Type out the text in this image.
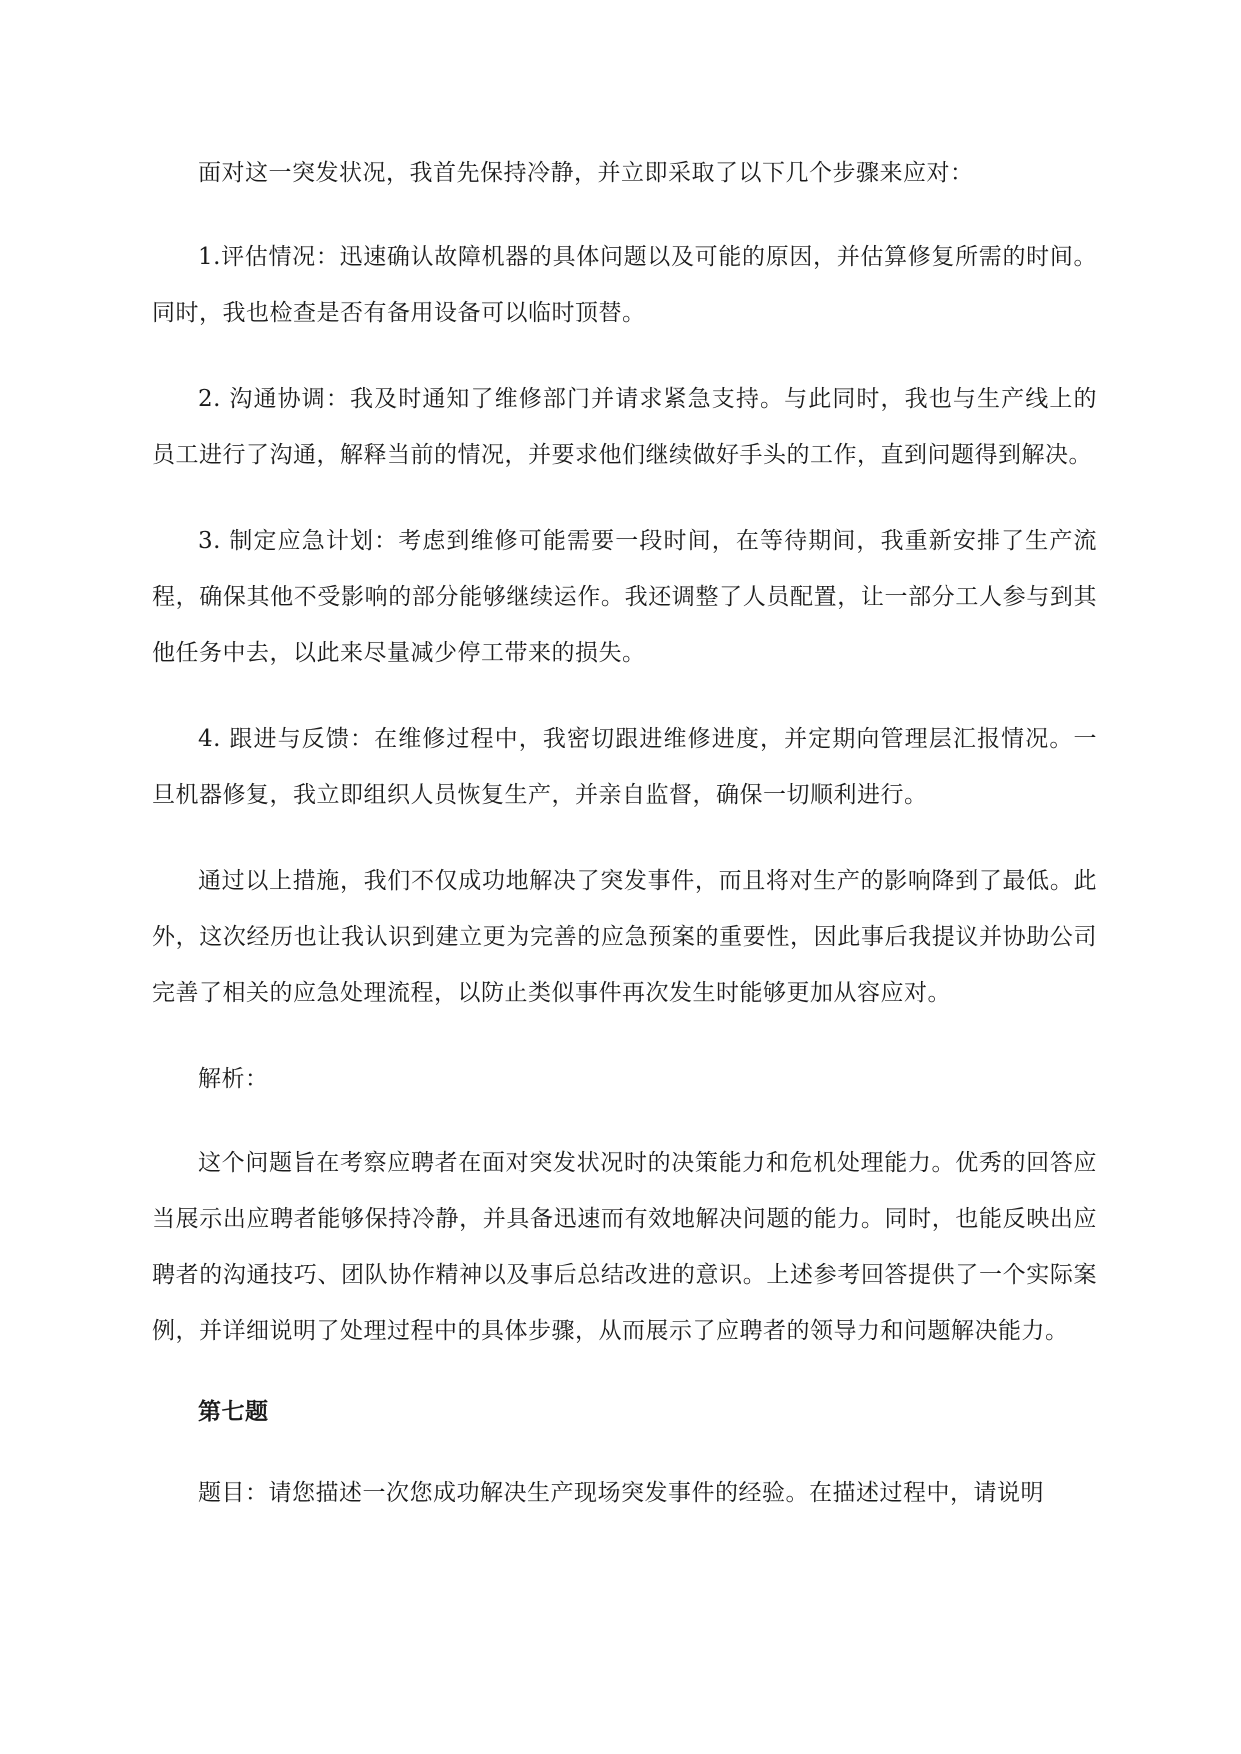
面对这一突发状况，我首先保持冷静，并立即采取了以下几个步骤来应对：

1.评估情况：迅速确认故障机器的具体问题以及可能的原因，并估算修复所需的时间。同时，我也检查是否有备用设备可以临时顶替。

2. 沟通协调：我及时通知了维修部门并请求紧急支持。与此同时，我也与生产线上的员工进行了沟通，解释当前的情况，并要求他们继续做好手头的工作，直到问题得到解决。

3. 制定应急计划：考虑到维修可能需要一段时间，在等待期间，我重新安排了生产流程，确保其他不受影响的部分能够继续运作。我还调整了人员配置，让一部分工人参与到其他任务中去，以此来尽量减少停工带来的损失。

4. 跟进与反馈：在维修过程中，我密切跟进维修进度，并定期向管理层汇报情况。一旦机器修复，我立即组织人员恢复生产，并亲自监督，确保一切顺利进行。

通过以上措施，我们不仅成功地解决了突发事件，而且将对生产的影响降到了最低。此外，这次经历也让我认识到建立更为完善的应急预案的重要性，因此事后我提议并协助公司完善了相关的应急处理流程，以防止类似事件再次发生时能够更加从容应对。

解析：

这个问题旨在考察应聘者在面对突发状况时的决策能力和危机处理能力。优秀的回答应当展示出应聘者能够保持冷静，并具备迅速而有效地解决问题的能力。同时，也能反映出应聘者的沟通技巧、团队协作精神以及事后总结改进的意识。上述参考回答提供了一个实际案例，并详细说明了处理过程中的具体步骤，从而展示了应聘者的领导力和问题解决能力。

第七题

题目：请您描述一次您成功解决生产现场突发事件的经验。在描述过程中，请说明
